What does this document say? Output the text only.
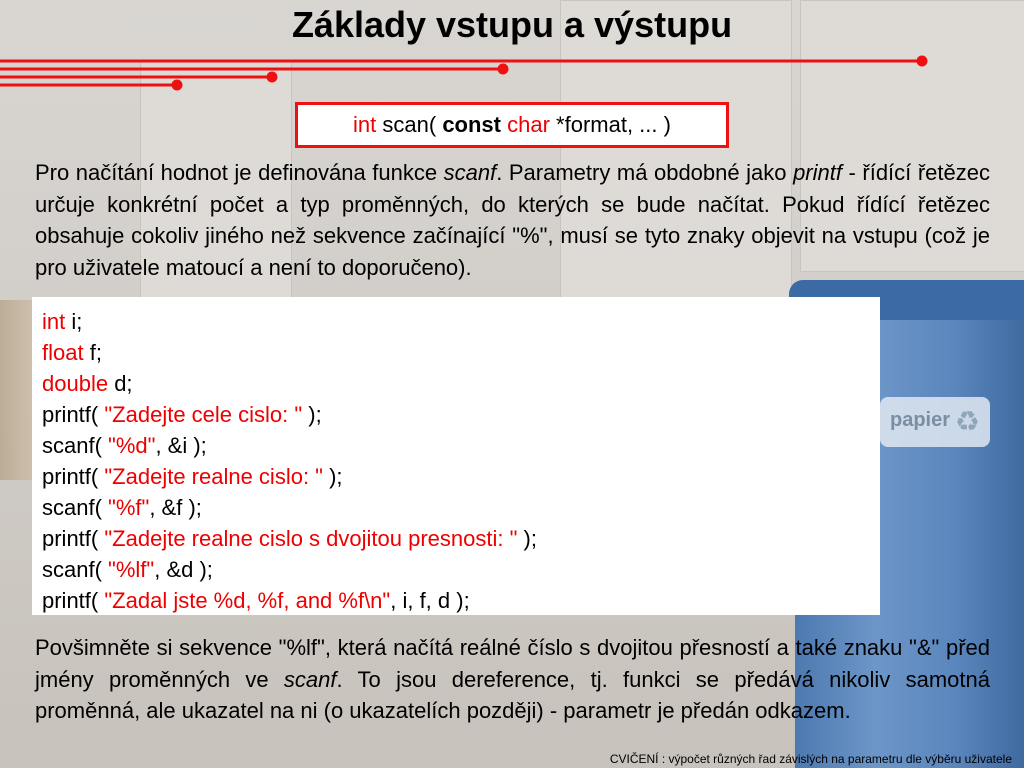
papier ♻
Základy vstupu a výstupu
int scan( const char *format, ... )
Pro načítání hodnot je definována funkce scanf. Parametry má obdobné jako printf - řídící řetězec určuje konkrétní počet a typ proměnných, do kterých se bude načítat. Pokud řídící řetězec obsahuje cokoliv jiného než sekvence začínající "%", musí se tyto znaky objevit na vstupu (což je pro uživatele matoucí a není to doporučeno).
int i;
float f;
double d;
printf( "Zadejte cele cislo: " );
scanf( "%d", &i );
printf( "Zadejte realne cislo: " );
scanf( "%f", &f );
printf( "Zadejte realne cislo s dvojitou presnosti: " );
scanf( "%lf", &d );
printf( "Zadal jste %d, %f, and %f\n", i, f, d );
Povšimněte si sekvence "%lf", která načítá reálné číslo s dvojitou přesností a také znaku "&" před jmény proměnných ve scanf. To jsou dereference, tj. funkci se předává nikoliv samotná proměnná, ale ukazatel na ni (o ukazatelích později) - parametr je předán odkazem.
CVIČENÍ : výpočet různých řad závislých na parametru dle výběru uživatele
